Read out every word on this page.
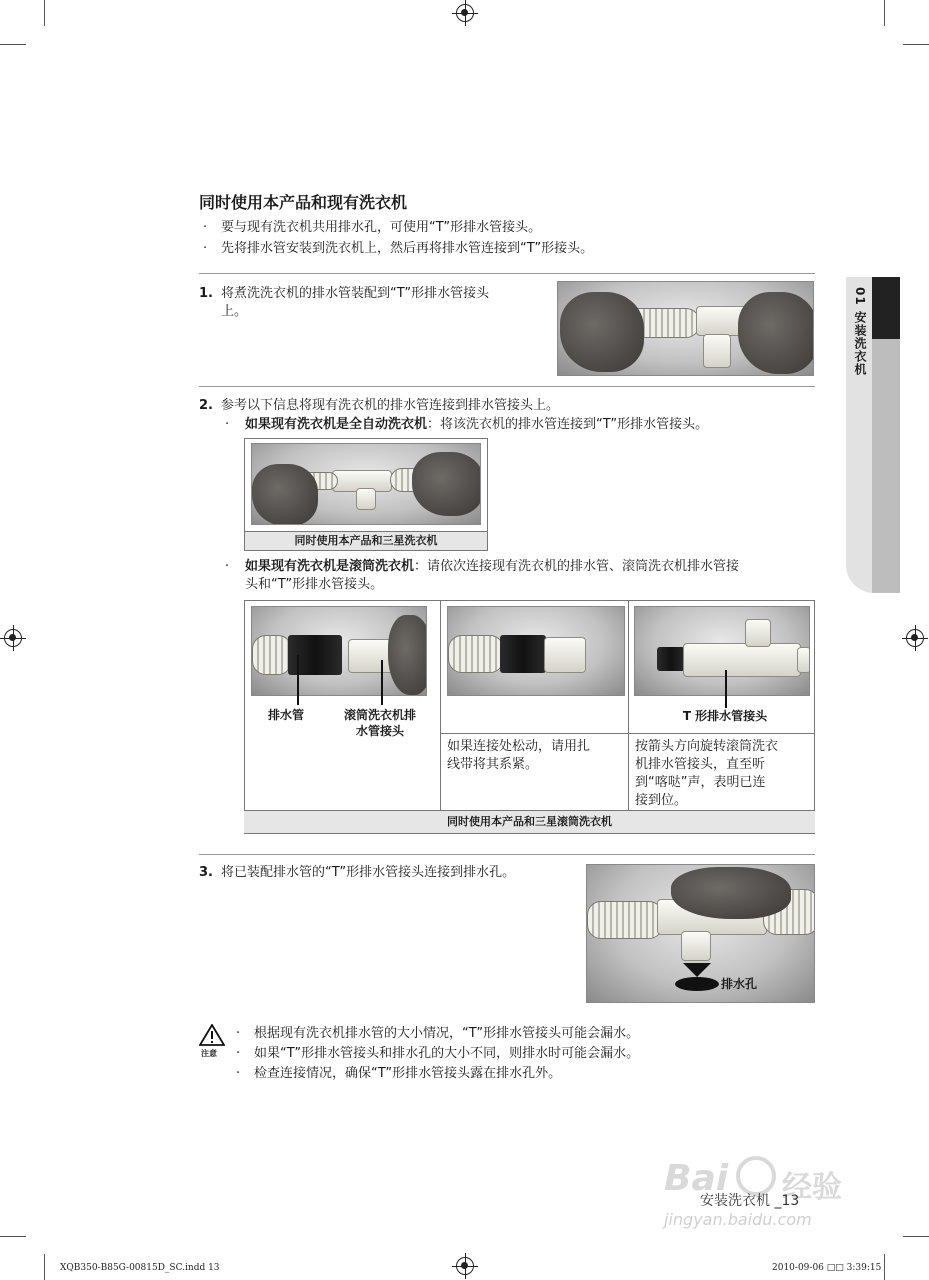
同时使用本产品和现有洗衣机
· 要与现有洗衣机共用排水孔，可使用“T”形排水管接头。
· 先将排水管安装到洗衣机上，然后再将排水管连接到“T”形接头。
1. 将煮洗洗衣机的排水管装配到“T”形排水管接头
上。
2. 参考以下信息将现有洗衣机的排水管连接到排水管接头上。
· 如果现有洗衣机是全自动洗衣机：将该洗衣机的排水管连接到“T”形排水管接头。
同时使用本产品和三星洗衣机
· 如果现有洗衣机是滚筒洗衣机：请依次连接现有洗衣机的排水管、滚筒洗衣机排水管接
头和“T”形排水管接头。
排水管	滚筒洗衣机排
水管接头
T 形排水管接头
如果连接处松动，请用扎
线带将其系紧。
按箭头方向旋转滚筒洗衣
机排水管接头，直至听
到“喀哒”声，表明已连
接到位。
同时使用本产品和三星滚筒洗衣机
3. 将已装配排水管的“T”形排水管接头连接到排水孔。
排水孔
注意
· 根据现有洗衣机排水管的大小情况，“T”形排水管接头可能会漏水。
· 如果“T”形排水管接头和排水孔的大小不同，则排水时可能会漏水。
· 检查连接情况，确保“T”形排水管接头露在排水孔外。
01 安装洗衣机
Bai 经验
jingyan.baidu.com
安装洗衣机 _13
XQB350-B85G-00815D_SC.indd 13	2010-09-06 □□ 3:39:15
